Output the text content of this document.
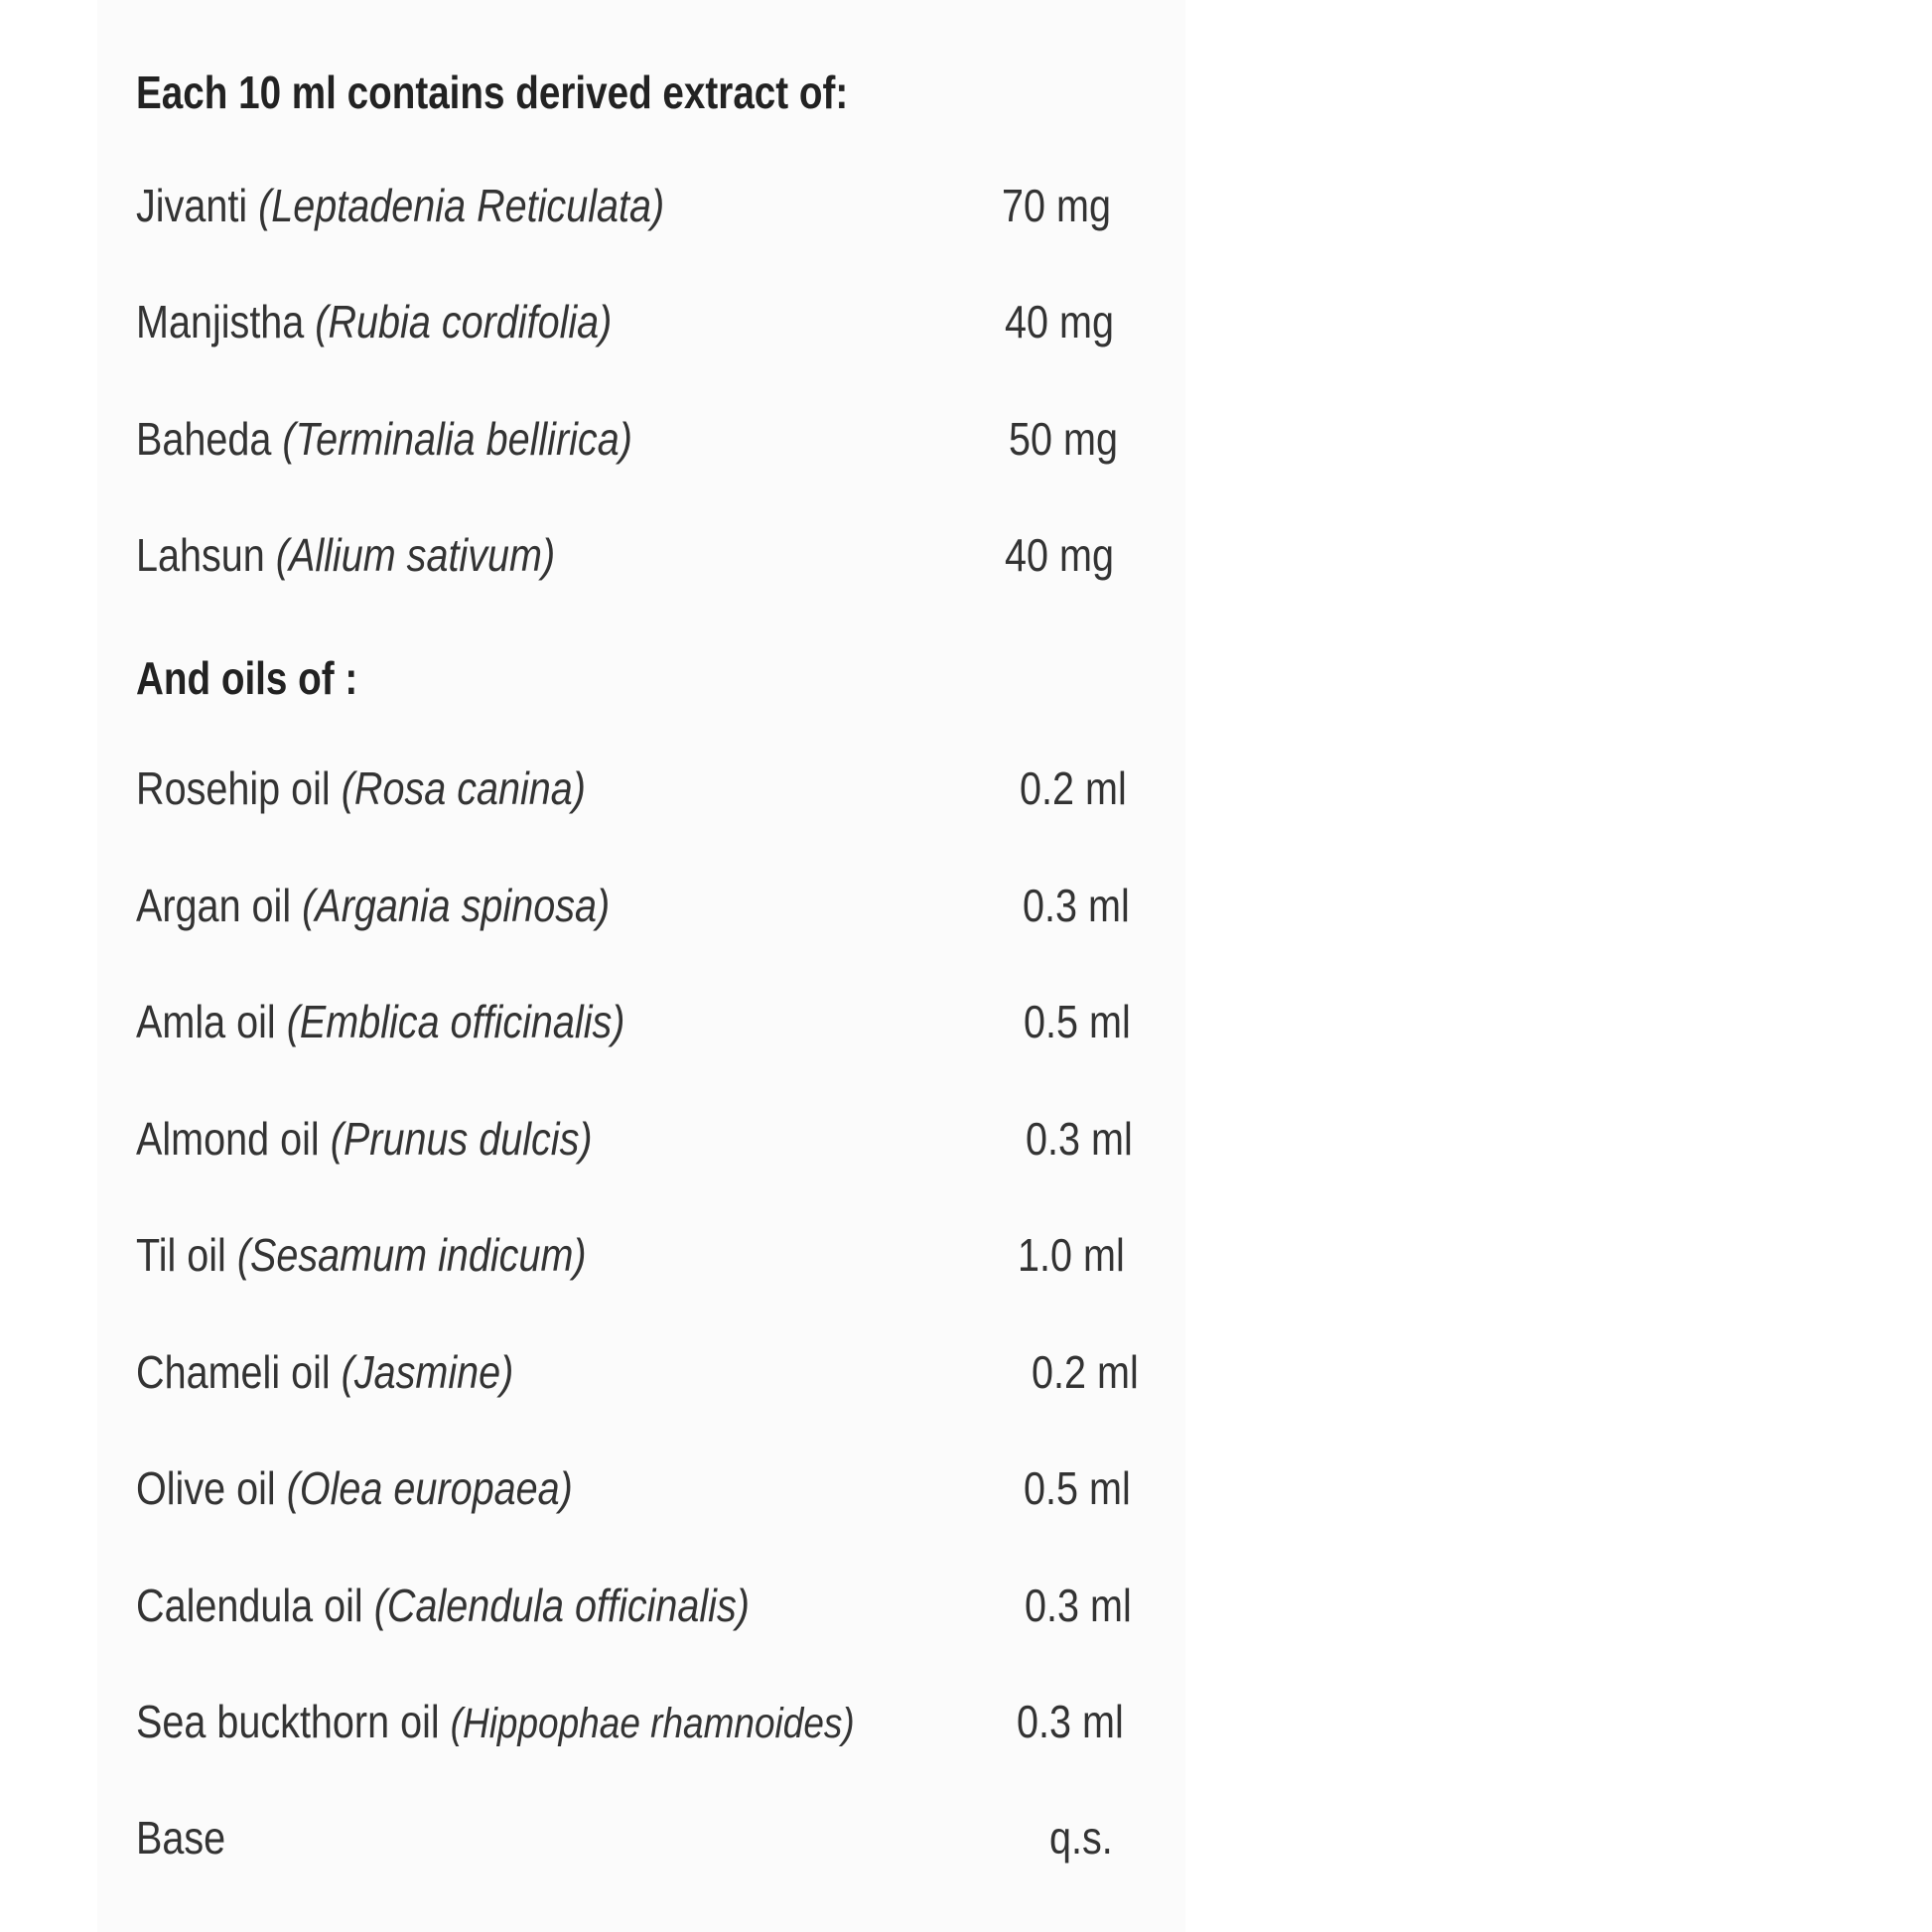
Each 10 ml contains derived extract of:
Jivanti (Leptadenia Reticulata)	70 mg
Manjistha (Rubia cordifolia)	40 mg
Baheda (Terminalia bellirica)	50 mg
Lahsun (Allium sativum)	40 mg
And oils of :
Rosehip oil (Rosa canina)	0.2 ml
Argan oil (Argania spinosa)	0.3 ml
Amla oil (Emblica officinalis)	0.5 ml
Almond oil (Prunus dulcis)	0.3 ml
Til oil (Sesamum indicum)	1.0 ml
Chameli oil (Jasmine)	0.2 ml
Olive oil (Olea europaea)	0.5 ml
Calendula oil (Calendula officinalis)	0.3 ml
Sea buckthorn oil (Hippophae rhamnoides)	0.3 ml
Base	q.s.
